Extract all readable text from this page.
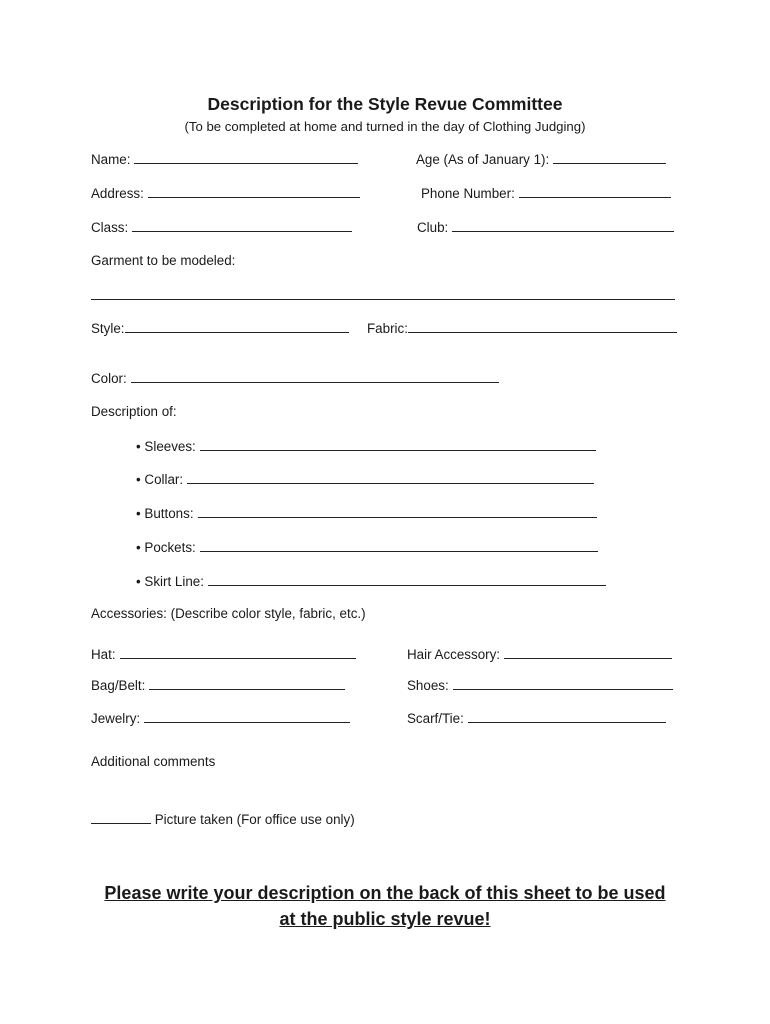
Description for the Style Revue Committee
(To be completed at home and turned in the day of Clothing Judging)
Name:	Age (As of January 1):
Address:	Phone Number:
Class:	Club:
Garment to be modeled:
Style:	Fabric:
Color:
Description of:
• Sleeves:
• Collar:
• Buttons:
• Pockets:
• Skirt Line:
Accessories: (Describe color style, fabric, etc.)
Hat:	Hair Accessory:
Bag/Belt:	Shoes:
Jewelry:	Scarf/Tie:
Additional comments
Picture taken (For office use only)
Please write your description on the back of this sheet to be used
at the public style revue!
